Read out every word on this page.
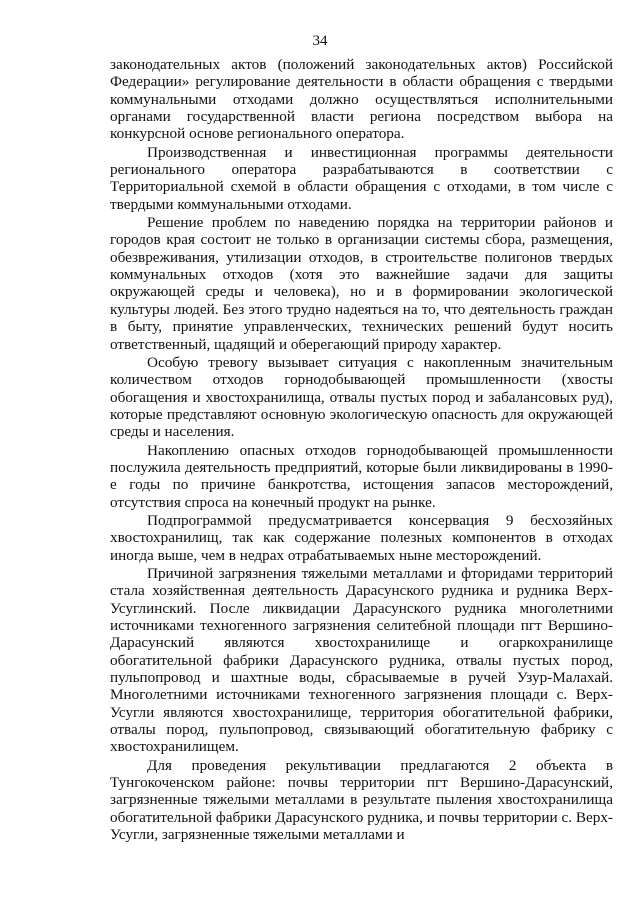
34

законодательных актов (положений законодательных актов) Российской Федерации» регулирование деятельности в области обращения с твердыми коммунальными отходами должно осуществляться исполнительными органами государственной власти региона посредством выбора на конкурсной основе регионального оператора.

Производственная и инвестиционная программы деятельности регионального оператора разрабатываются в соответствии с Территориальной схемой в области обращения с отходами, в том числе с твердыми коммунальными отходами.

Решение проблем по наведению порядка на территории районов и городов края состоит не только в организации системы сбора, размещения, обезвреживания, утилизации отходов, в строительстве полигонов твердых коммунальных отходов (хотя это важнейшие задачи для защиты окружающей среды и человека), но и в формировании экологической культуры людей. Без этого трудно надеяться на то, что деятельность граждан в быту, принятие управленческих, технических решений будут носить ответственный, щадящий и оберегающий природу характер.

Особую тревогу вызывает ситуация с накопленным значительным количеством отходов горнодобывающей промышленности (хвосты обогащения и хвостохранилища, отвалы пустых пород и забалансовых руд), которые представляют основную экологическую опасность для окружающей среды и населения.

Накоплению опасных отходов горнодобывающей промышленности послужила деятельность предприятий, которые были ликвидированы в 1990-е годы по причине банкротства, истощения запасов месторождений, отсутствия спроса на конечный продукт на рынке.

Подпрограммой предусматривается консервация 9 бесхозяйных хвостохранилищ, так как содержание полезных компонентов в отходах иногда выше, чем в недрах отрабатываемых ныне месторождений.

Причиной загрязнения тяжелыми металлами и фторидами территорий стала хозяйственная деятельность Дарасунского рудника и рудника Верх-Усуглинский. После ликвидации Дарасунского рудника многолетними источниками техногенного загрязнения селитебной площади пгт Вершино-Дарасунский являются хвостохранилище и огаркохранилище обогатительной фабрики Дарасунского рудника, отвалы пустых пород, пульпопровод и шахтные воды, сбрасываемые в ручей Узур-Малахай. Многолетними источниками техногенного загрязнения площади с. Верх-Усугли являются хвостохранилище, территория обогатительной фабрики, отвалы пород, пульпопровод, связывающий обогатительную фабрику с хвостохранилищем.

Для проведения рекультивации предлагаются 2 объекта в Тунгокоченском районе: почвы территории пгт Вершино-Дарасунский, загрязненные тяжелыми металлами в результате пыления хвостохранилища обогатительной фабрики Дарасунского рудника, и почвы территории с. Верх-Усугли, загрязненные тяжелыми металлами и
